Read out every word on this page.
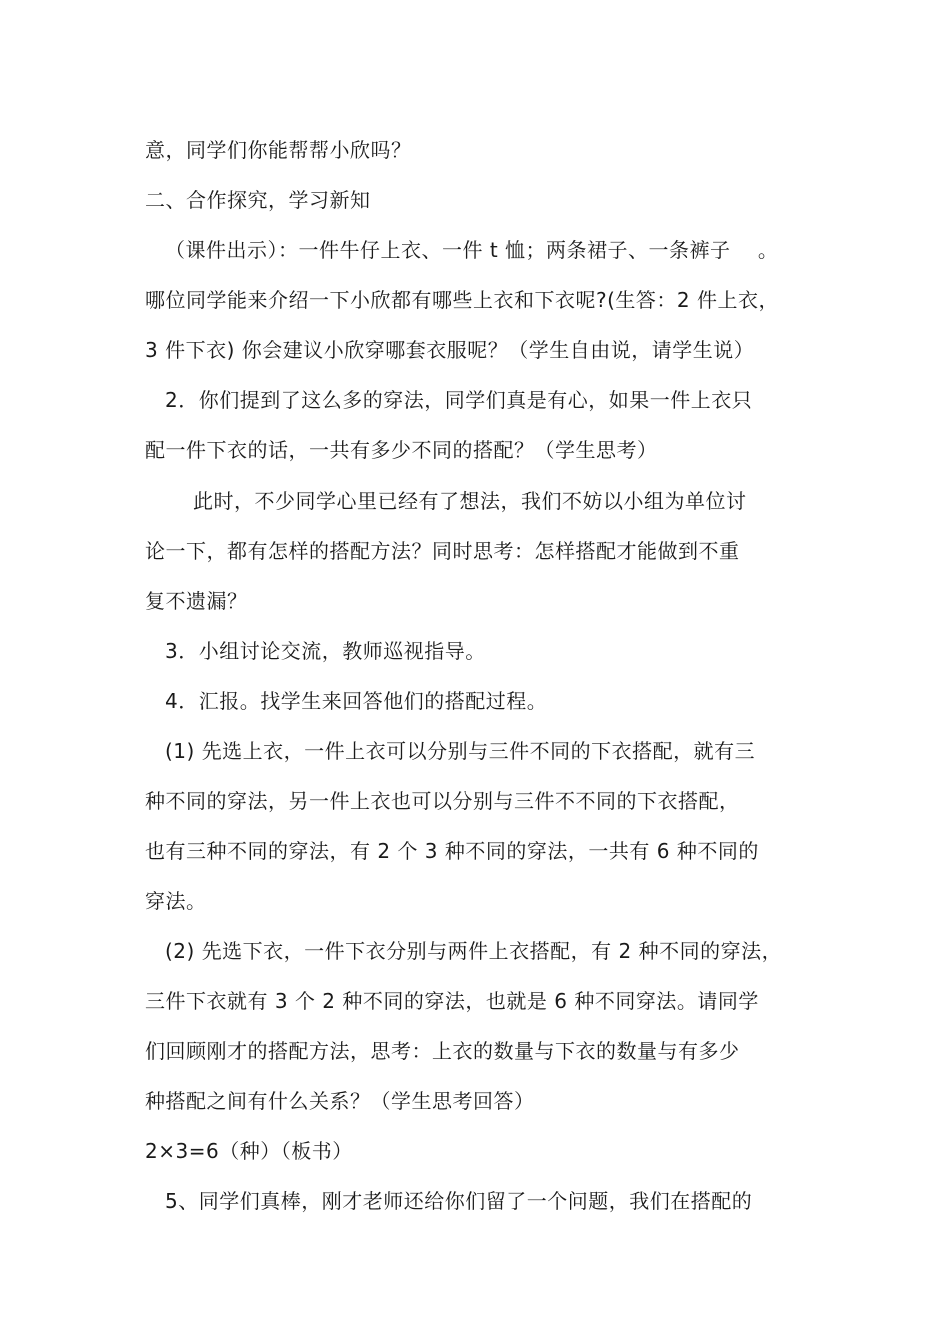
意，同学们你能帮帮小欣吗？
二、合作探究，学习新知
（课件出示）：一件牛仔上衣、一件 t 恤；两条裙子、一条裤子　 。
哪位同学能来介绍一下小欣都有哪些上衣和下衣呢?(生答：2 件上衣，
3 件下衣) 你会建议小欣穿哪套衣服呢？（学生自由说，请学生说）
2．你们提到了这么多的穿法，同学们真是有心，如果一件上衣只
配一件下衣的话，一共有多少不同的搭配？（学生思考）
此时，不少同学心里已经有了想法，我们不妨以小组为单位讨
论一下，都有怎样的搭配方法？同时思考：怎样搭配才能做到不重
复不遗漏？
3．小组讨论交流，教师巡视指导。
4．汇报。找学生来回答他们的搭配过程。
(1) 先选上衣，一件上衣可以分别与三件不同的下衣搭配，就有三
种不同的穿法，另一件上衣也可以分别与三件不不同的下衣搭配，
也有三种不同的穿法，有 2 个 3 种不同的穿法，一共有 6 种不同的
穿法。
(2) 先选下衣，一件下衣分别与两件上衣搭配，有 2 种不同的穿法，
三件下衣就有 3 个 2 种不同的穿法，也就是 6 种不同穿法。请同学
们回顾刚才的搭配方法，思考：上衣的数量与下衣的数量与有多少
种搭配之间有什么关系？（学生思考回答）
2×3=6（种）（板书）
5、同学们真棒，刚才老师还给你们留了一个问题，我们在搭配的
